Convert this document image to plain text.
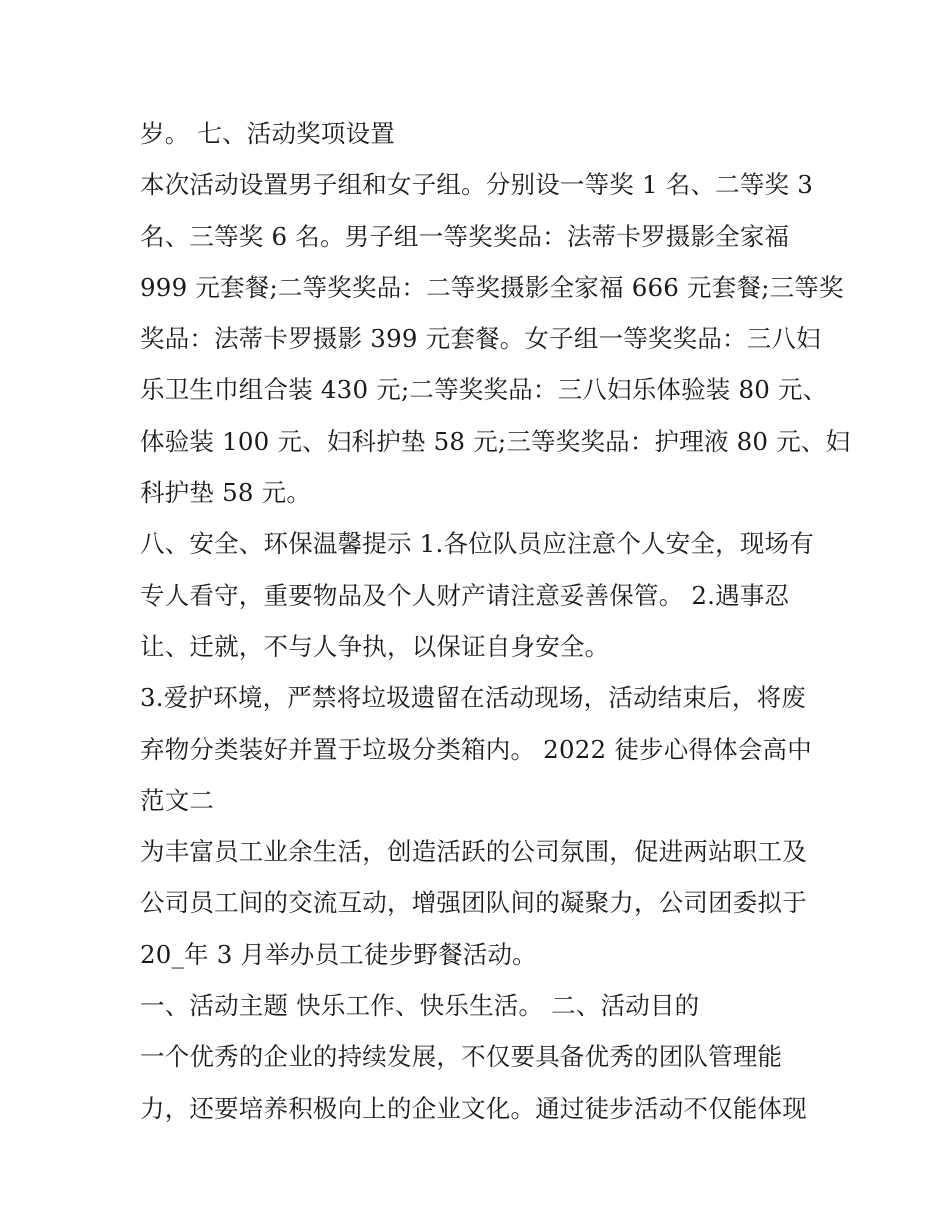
岁。 七、活动奖项设置
本次活动设置男子组和女子组。分别设一等奖 1 名、二等奖 3
名、三等奖 6 名。男子组一等奖奖品：法蒂卡罗摄影全家福
999 元套餐;二等奖奖品：二等奖摄影全家福 666 元套餐;三等奖
奖品：法蒂卡罗摄影 399 元套餐。女子组一等奖奖品：三八妇
乐卫生巾组合装 430 元;二等奖奖品：三八妇乐体验装 80 元、
体验装 100 元、妇科护垫 58 元;三等奖奖品：护理液 80 元、妇
科护垫 58 元。
八、安全、环保温馨提示 1.各位队员应注意个人安全，现场有
专人看守，重要物品及个人财产请注意妥善保管。 2.遇事忍
让、迁就，不与人争执，以保证自身安全。
3.爱护环境，严禁将垃圾遗留在活动现场，活动结束后，将废
弃物分类装好并置于垃圾分类箱内。 2022 徒步心得体会高中
范文二
为丰富员工业余生活，创造活跃的公司氛围，促进两站职工及
公司员工间的交流互动，增强团队间的凝聚力，公司团委拟于
20_年 3 月举办员工徒步野餐活动。
一、活动主题 快乐工作、快乐生活。 二、活动目的
一个优秀的企业的持续发展，不仅要具备优秀的团队管理能
力，还要培养积极向上的企业文化。通过徒步活动不仅能体现
